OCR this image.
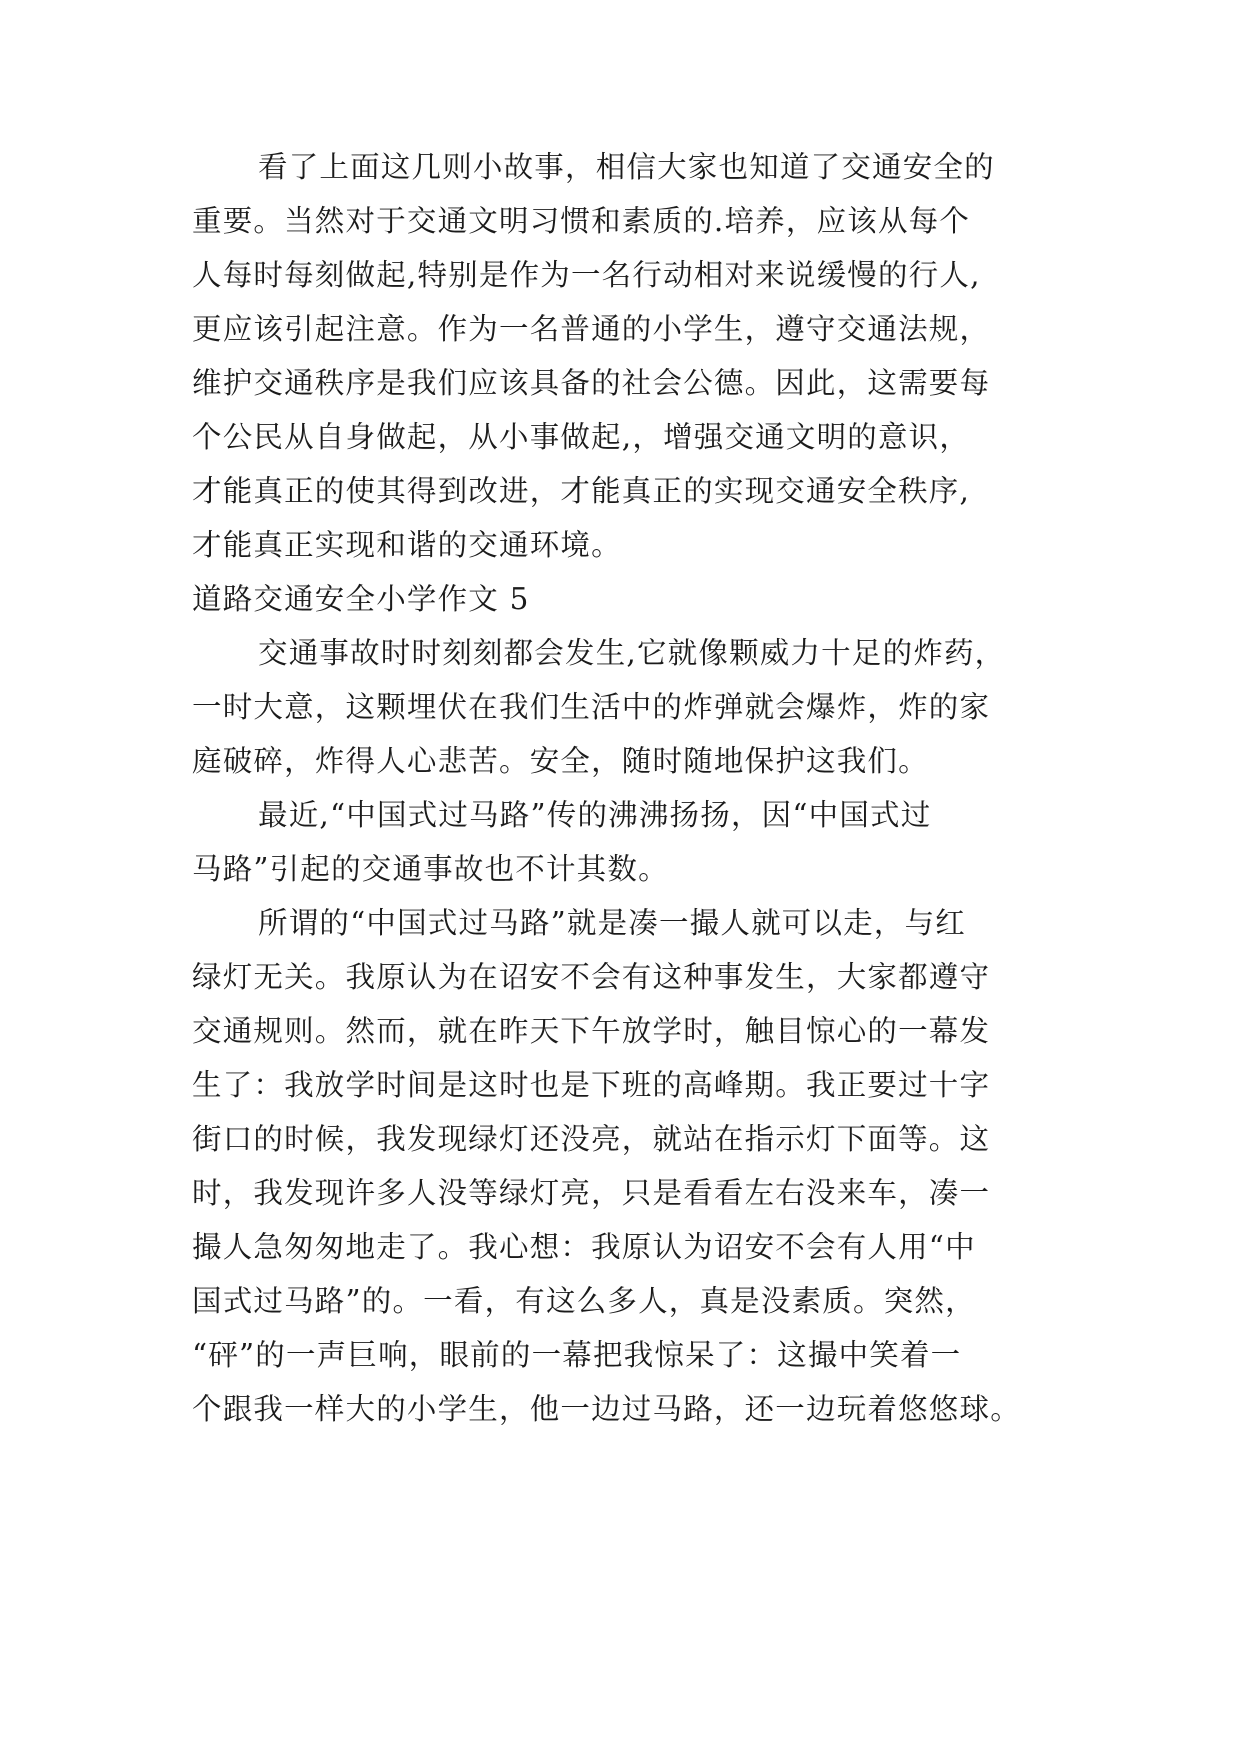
看了上面这几则小故事，相信大家也知道了交通安全的
重要。当然对于交通文明习惯和素质的.培养，应该从每个
人每时每刻做起,特别是作为一名行动相对来说缓慢的行人,
更应该引起注意。作为一名普通的小学生，遵守交通法规，
维护交通秩序是我们应该具备的社会公德。因此，这需要每
个公民从自身做起，从小事做起,，增强交通文明的意识，
才能真正的使其得到改进，才能真正的实现交通安全秩序,
才能真正实现和谐的交通环境。
道路交通安全小学作文 5
交通事故时时刻刻都会发生,它就像颗威力十足的炸药，
一时大意，这颗埋伏在我们生活中的炸弹就会爆炸，炸的家
庭破碎，炸得人心悲苦。安全，随时随地保护这我们。
最近,“中国式过马路”传的沸沸扬扬，因“中国式过
马路”引起的交通事故也不计其数。
所谓的“中国式过马路”就是凑一撮人就可以走，与红
绿灯无关。我原认为在诏安不会有这种事发生，大家都遵守
交通规则。然而，就在昨天下午放学时，触目惊心的一幕发
生了：我放学时间是这时也是下班的高峰期。我正要过十字
街口的时候，我发现绿灯还没亮，就站在指示灯下面等。这
时，我发现许多人没等绿灯亮，只是看看左右没来车，凑一
撮人急匆匆地走了。我心想：我原认为诏安不会有人用“中
国式过马路”的。一看，有这么多人，真是没素质。突然，
“砰”的一声巨响，眼前的一幕把我惊呆了：这撮中笑着一
个跟我一样大的小学生，他一边过马路，还一边玩着悠悠球。
